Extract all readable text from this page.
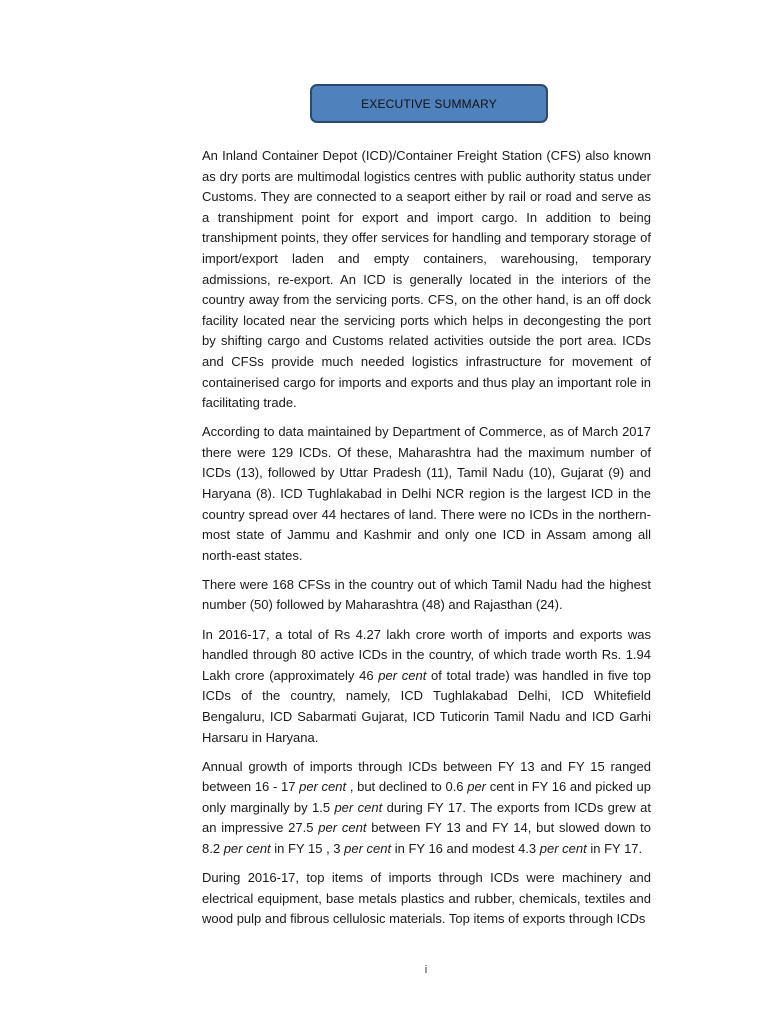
EXECUTIVE SUMMARY

An Inland Container Depot (ICD)/Container Freight Station (CFS) also known as dry ports are multimodal logistics centres with public authority status under Customs. They are connected to a seaport either by rail or road and serve as a transhipment point for export and import cargo. In addition to being transhipment points, they offer services for handling and temporary storage of import/export laden and empty containers, warehousing, temporary admissions, re-export. An ICD is generally located in the interiors of the country away from the servicing ports. CFS, on the other hand, is an off dock facility located near the servicing ports which helps in decongesting the port by shifting cargo and Customs related activities outside the port area. ICDs and CFSs provide much needed logistics infrastructure for movement of containerised cargo for imports and exports and thus play an important role in facilitating trade.

According to data maintained by Department of Commerce, as of March 2017 there were 129 ICDs. Of these, Maharashtra had the maximum number of ICDs (13), followed by Uttar Pradesh (11), Tamil Nadu (10), Gujarat (9) and Haryana (8). ICD Tughlakabad in Delhi NCR region is the largest ICD in the country spread over 44 hectares of land. There were no ICDs in the northern-most state of Jammu and Kashmir and only one ICD in Assam among all north-east states.

There were 168 CFSs in the country out of which Tamil Nadu had the highest number (50) followed by Maharashtra (48) and Rajasthan (24).

In 2016-17, a total of Rs 4.27 lakh crore worth of imports and exports was handled through 80 active ICDs in the country, of which trade worth Rs. 1.94 Lakh crore (approximately 46 per cent of total trade) was handled in five top ICDs of the country, namely, ICD Tughlakabad Delhi, ICD Whitefield Bengaluru, ICD Sabarmati Gujarat, ICD Tuticorin Tamil Nadu and ICD Garhi Harsaru in Haryana.

Annual growth of imports through ICDs between FY 13 and FY 15 ranged between 16 - 17 per cent , but declined to 0.6 per cent in FY 16 and picked up only marginally by 1.5 per cent during FY 17. The exports from ICDs grew at an impressive 27.5 per cent between FY 13 and FY 14, but slowed down to 8.2 per cent in FY 15 , 3 per cent in FY 16 and modest 4.3 per cent in FY 17.

During 2016-17, top items of imports through ICDs were machinery and electrical equipment, base metals plastics and rubber, chemicals, textiles and wood pulp and fibrous cellulosic materials. Top items of exports through ICDs

i
